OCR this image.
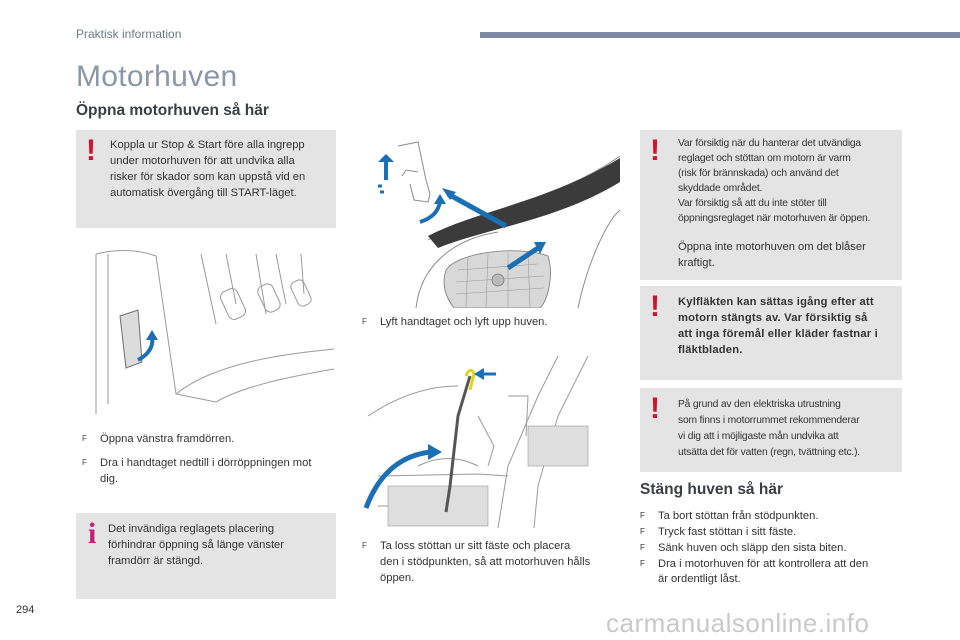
Praktisk information
Motorhuven
Öppna motorhuven så här
! Koppla ur Stop & Start före alla ingrepp
under motorhuven för att undvika alla
risker för skador som kan uppstå vid en
automatisk övergång till START-läget.
F Öppna vänstra framdörren.
F Dra i handtaget nedtill i dörröppningen mot
dig.
i Det invändiga reglagets placering
förhindrar öppning så länge vänster
framdörr är stängd.
F Lyft handtaget och lyft upp huven.
F Ta loss stöttan ur sitt fäste och placera
den i stödpunkten, så att motorhuven hålls
öppen.
! Var försiktig när du hanterar det utvändiga
reglaget och stöttan om motorn är varm
(risk för brännskada) och använd det
skyddade området.
Var försiktig så att du inte stöter till
öppningsreglaget när motorhuven är öppen.
Öppna inte motorhuven om det blåser
kraftigt.
! Kylfläkten kan sättas igång efter att
motorn stängts av. Var försiktig så
att inga föremål eller kläder fastnar i
fläktbladen.
! På grund av den elektriska utrustning
som finns i motorrummet rekommenderar
vi dig att i möjligaste mån undvika att
utsätta det för vatten (regn, tvättning etc.).
Stäng huven så här
F Ta bort stöttan från stödpunkten.
F Tryck fast stöttan i sitt fäste.
F Sänk huven och släpp den sista biten.
F Dra i motorhuven för att kontrollera att den
är ordentligt låst.
294	carmanualsonline.info
